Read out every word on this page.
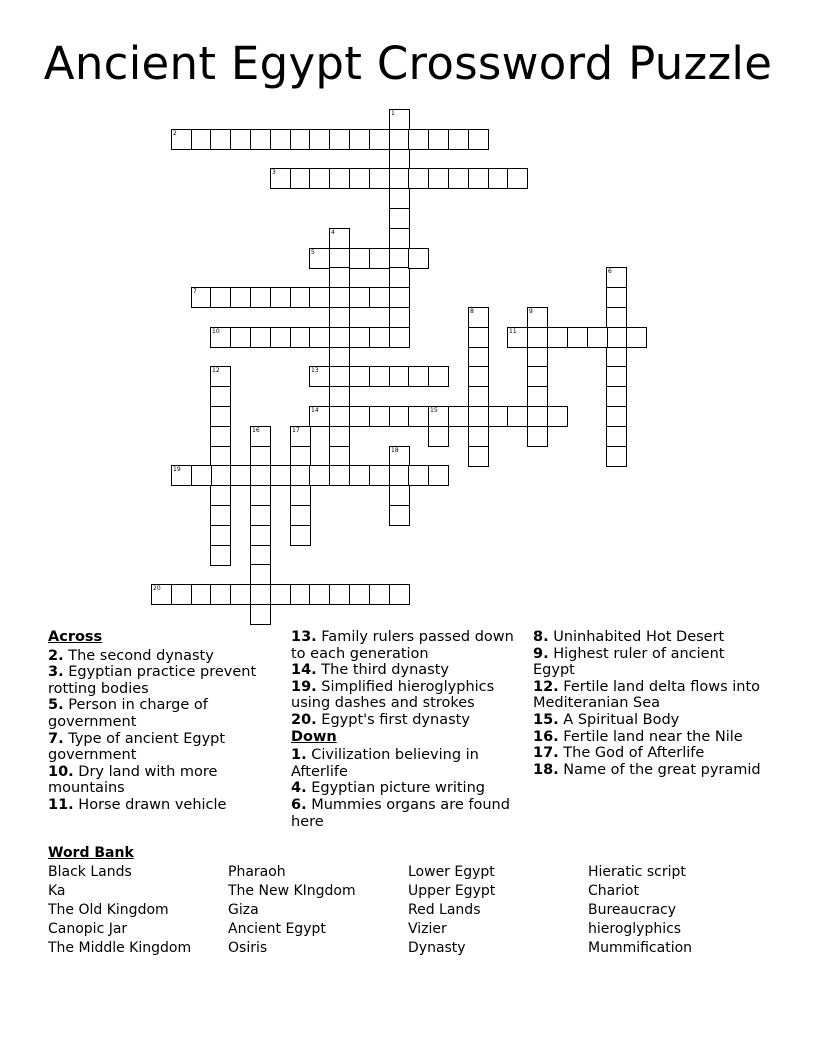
Ancient Egypt Crossword Puzzle
1
2
3
4
5
6
7
8	9
10	11
12	13
14	15
16	17
18
19
20
Across
2. The second dynasty
3. Egyptian practice prevent rotting bodies
5. Person in charge of government
7. Type of ancient Egypt government
10. Dry land with more mountains
11. Horse drawn vehicle
13. Family rulers passed down to each generation
14. The third dynasty
19. Simplified hieroglyphics using dashes and strokes
20. Egypt's first dynasty
Down
1. Civilization believing in Afterlife
4. Egyptian picture writing
6. Mummies organs are found here
8. Uninhabited Hot Desert
9. Highest ruler of ancient Egypt
12. Fertile land delta flows into Mediteranian Sea
15. A Spiritual Body
16. Fertile land near the Nile
17. The God of Afterlife
18. Name of the great pyramid
Word Bank
Black Lands
Ka
The Old Kingdom
Canopic Jar
The Middle Kingdom
Pharaoh
The New KIngdom
Giza
Ancient Egypt
Osiris
Lower Egypt
Upper Egypt
Red Lands
Vizier
Dynasty
Hieratic script
Chariot
Bureaucracy
hieroglyphics
Mummification
